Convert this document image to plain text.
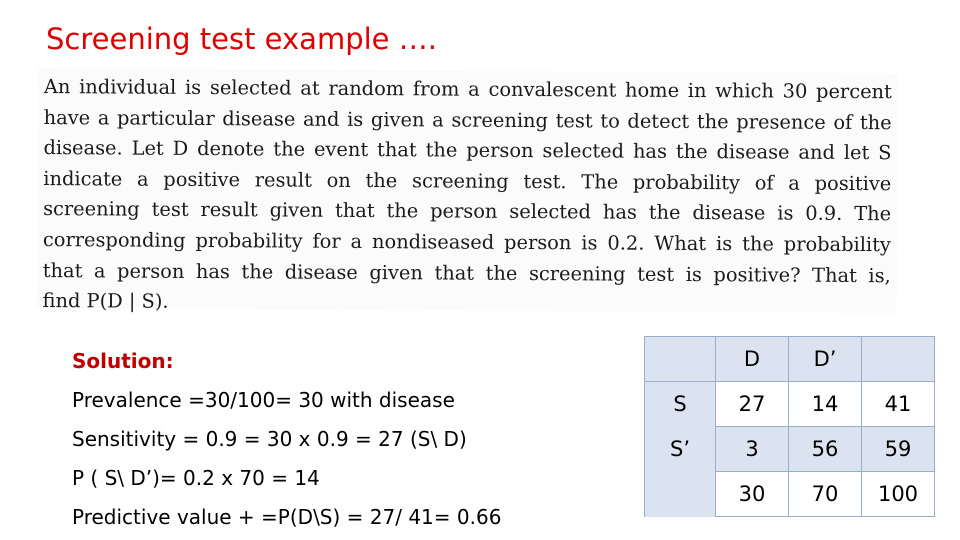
Screening test example ….
An individual is selected at random from a convalescent home in which 30 percent
have a particular disease and is given a screening test to detect the presence of the
disease. Let D denote the event that the person selected has the disease and let S
indicate a positive result on the screening test. The probability of a positive
screening test result given that the person selected has the disease is 0.9. The
corresponding probability for a nondiseased person is 0.2. What is the probability
that a person has the disease given that the screening test is positive? That is,
find P(D | S).
Solution:
Prevalence =30/100= 30 with disease
Sensitivity = 0.9 = 30 x 0.9 = 27 (S\ D)
P ( S\ D’)= 0.2 x 70 = 14
Predictive value + =P(D\S) = 27/ 41= 0.66
	D	D’	
S	27	14	41
S’	3	56	59
	30	70	100
